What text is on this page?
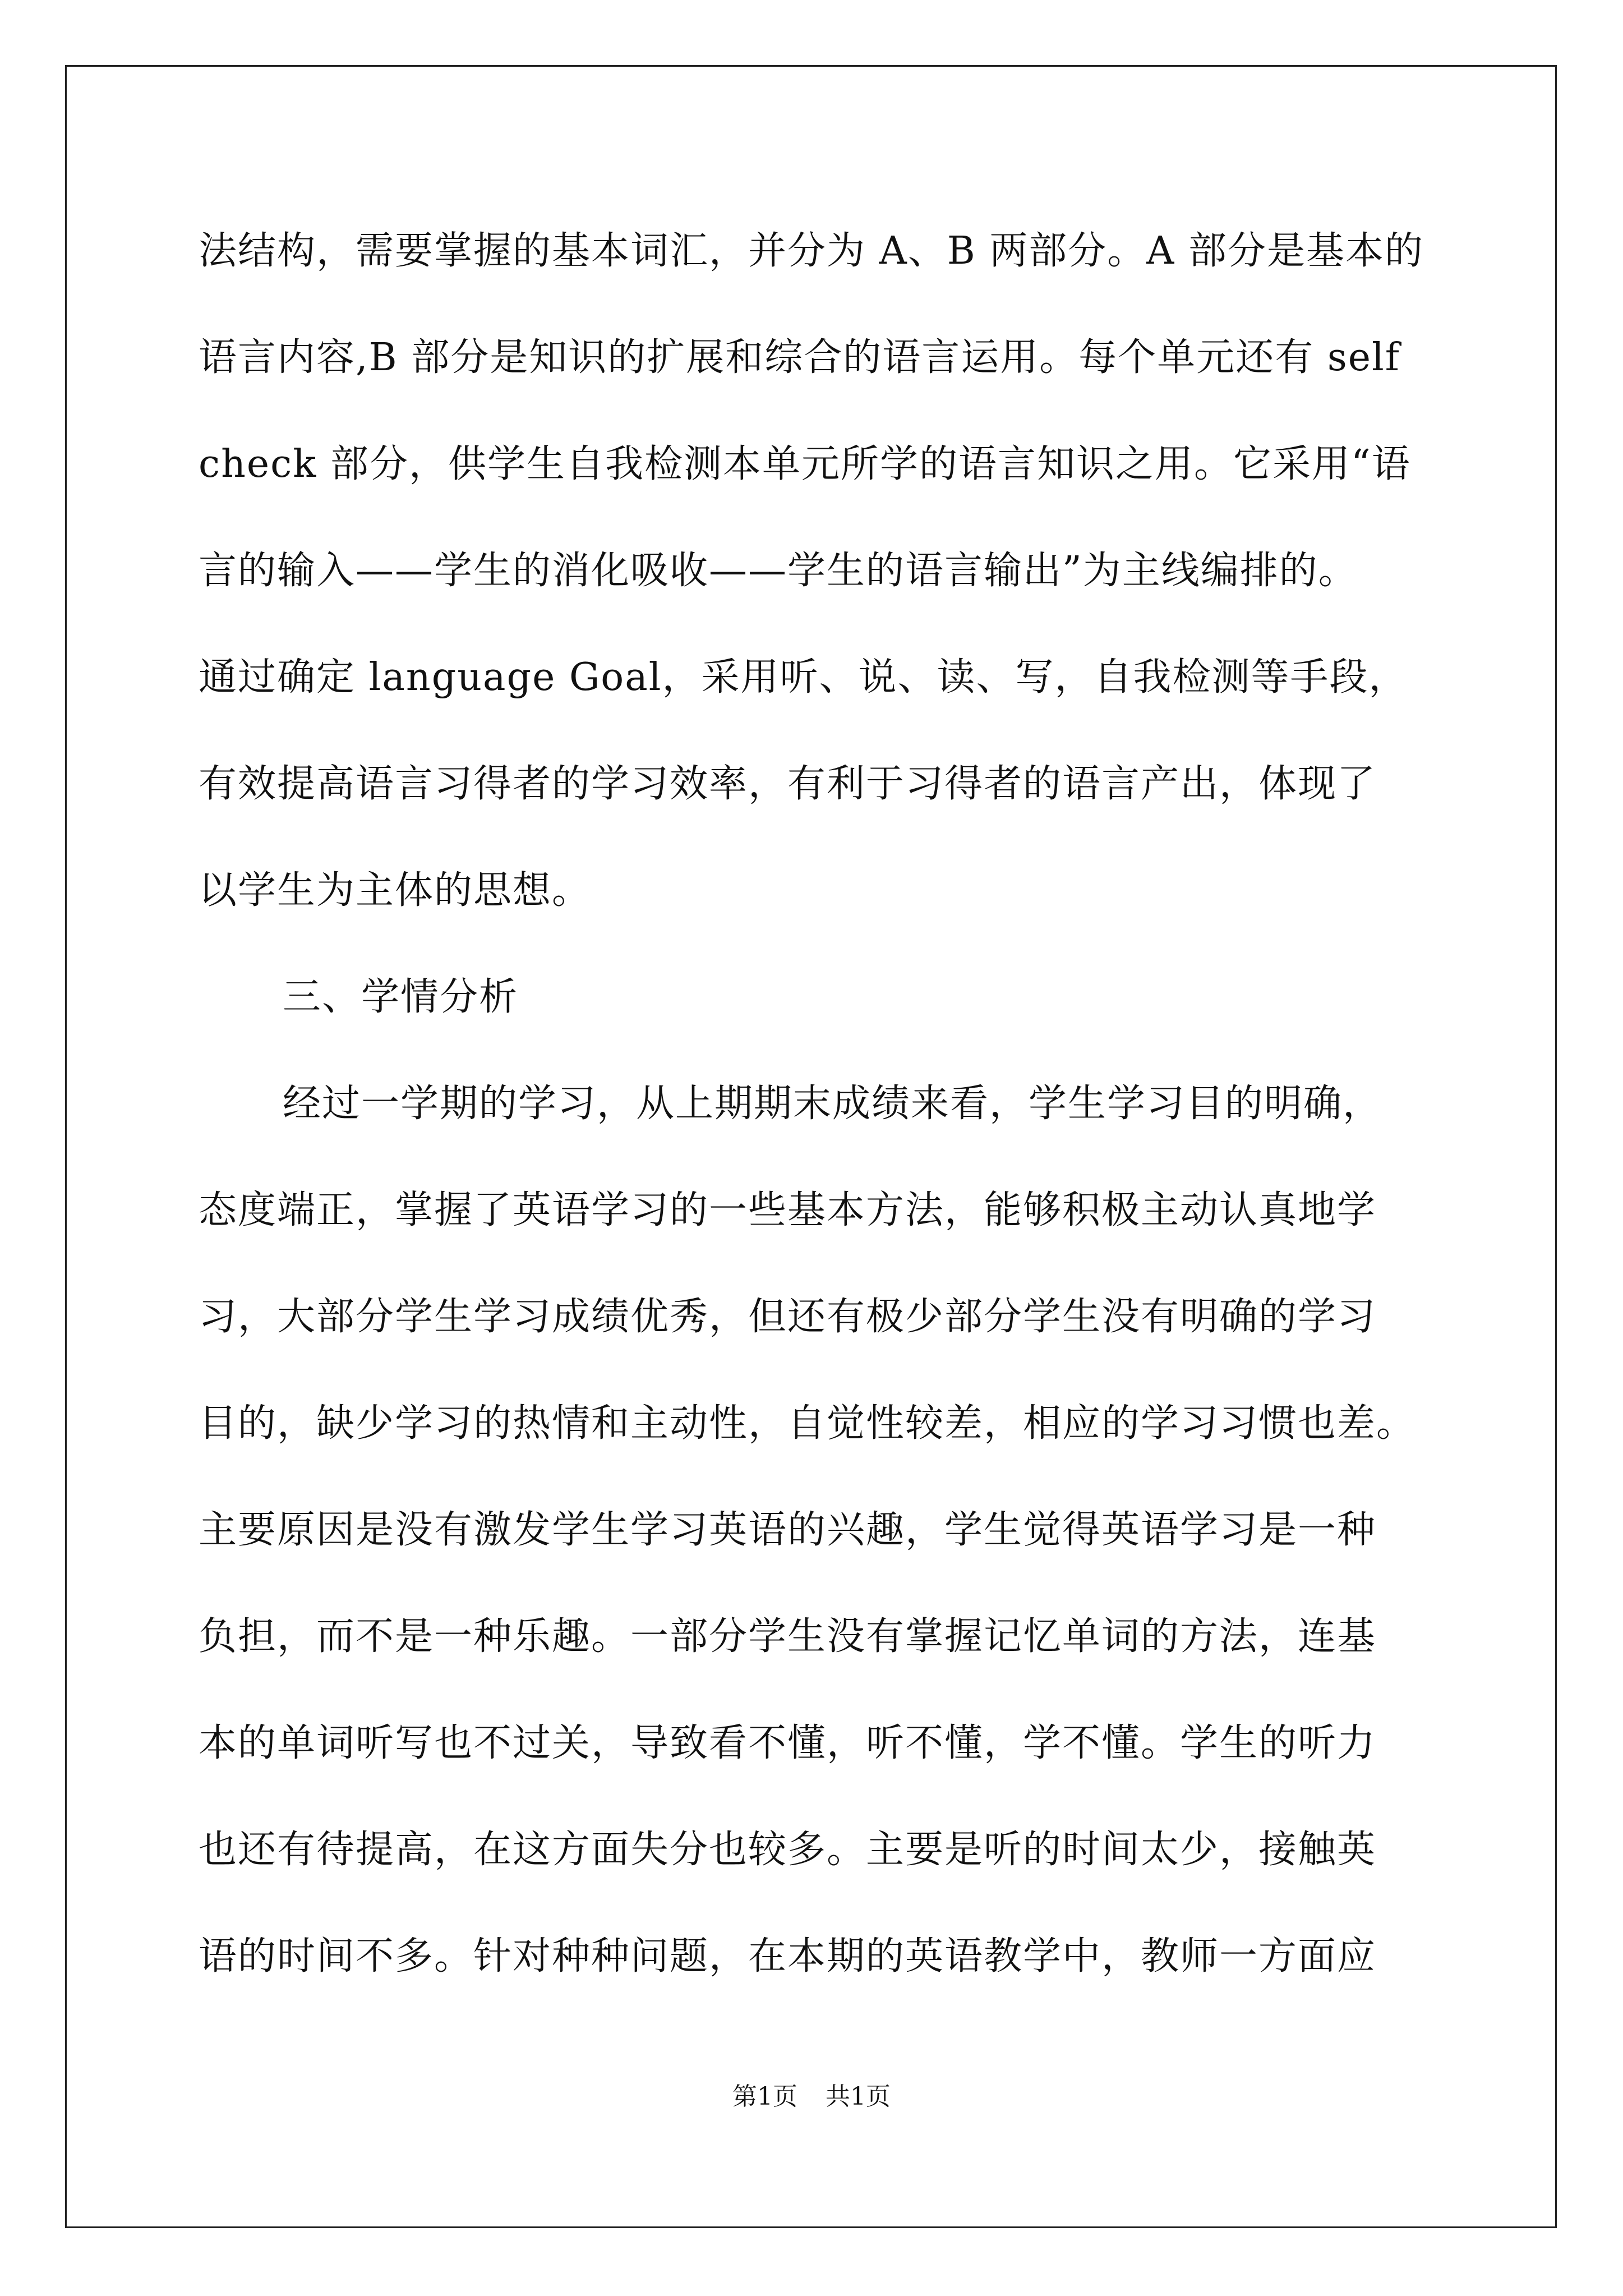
法结构，需要掌握的基本词汇，并分为 A、B 两部分。A 部分是基本的
语言内容,B 部分是知识的扩展和综合的语言运用。每个单元还有 self
check 部分，供学生自我检测本单元所学的语言知识之用。它采用“语
言的输入——学生的消化吸收——学生的语言输出”为主线编排的。
通过确定 language Goal，采用听、说、读、写，自我检测等手段，
有效提高语言习得者的学习效率，有利于习得者的语言产出，体现了
以学生为主体的思想。
三、学情分析
经过一学期的学习，从上期期末成绩来看，学生学习目的明确，
态度端正，掌握了英语学习的一些基本方法，能够积极主动认真地学
习，大部分学生学习成绩优秀，但还有极少部分学生没有明确的学习
目的，缺少学习的热情和主动性，自觉性较差，相应的学习习惯也差。
主要原因是没有激发学生学习英语的兴趣，学生觉得英语学习是一种
负担，而不是一种乐趣。一部分学生没有掌握记忆单词的方法，连基
本的单词听写也不过关，导致看不懂，听不懂，学不懂。学生的听力
也还有待提高，在这方面失分也较多。主要是听的时间太少，接触英
语的时间不多。针对种种问题，在本期的英语教学中，教师一方面应
第1页 共1页
